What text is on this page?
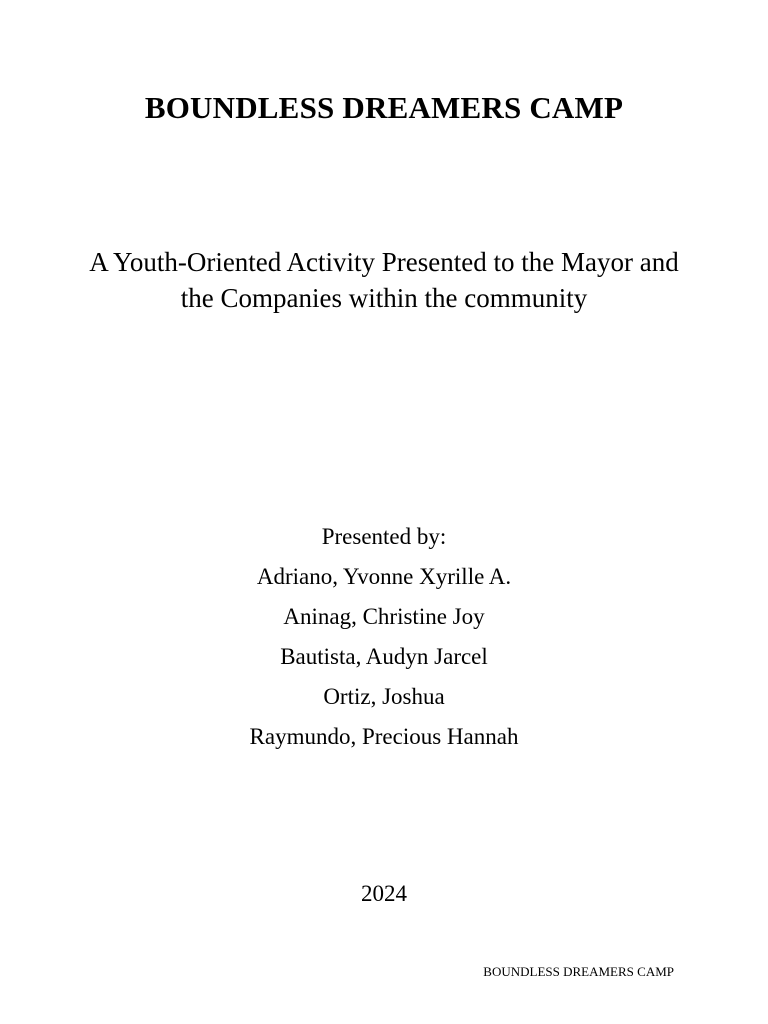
BOUNDLESS DREAMERS CAMP
A Youth-Oriented Activity Presented to the Mayor and the Companies within the community
Presented by:
Adriano, Yvonne Xyrille A.
Aninag, Christine Joy
Bautista, Audyn Jarcel
Ortiz, Joshua
Raymundo, Precious Hannah
2024
BOUNDLESS DREAMERS CAMP
